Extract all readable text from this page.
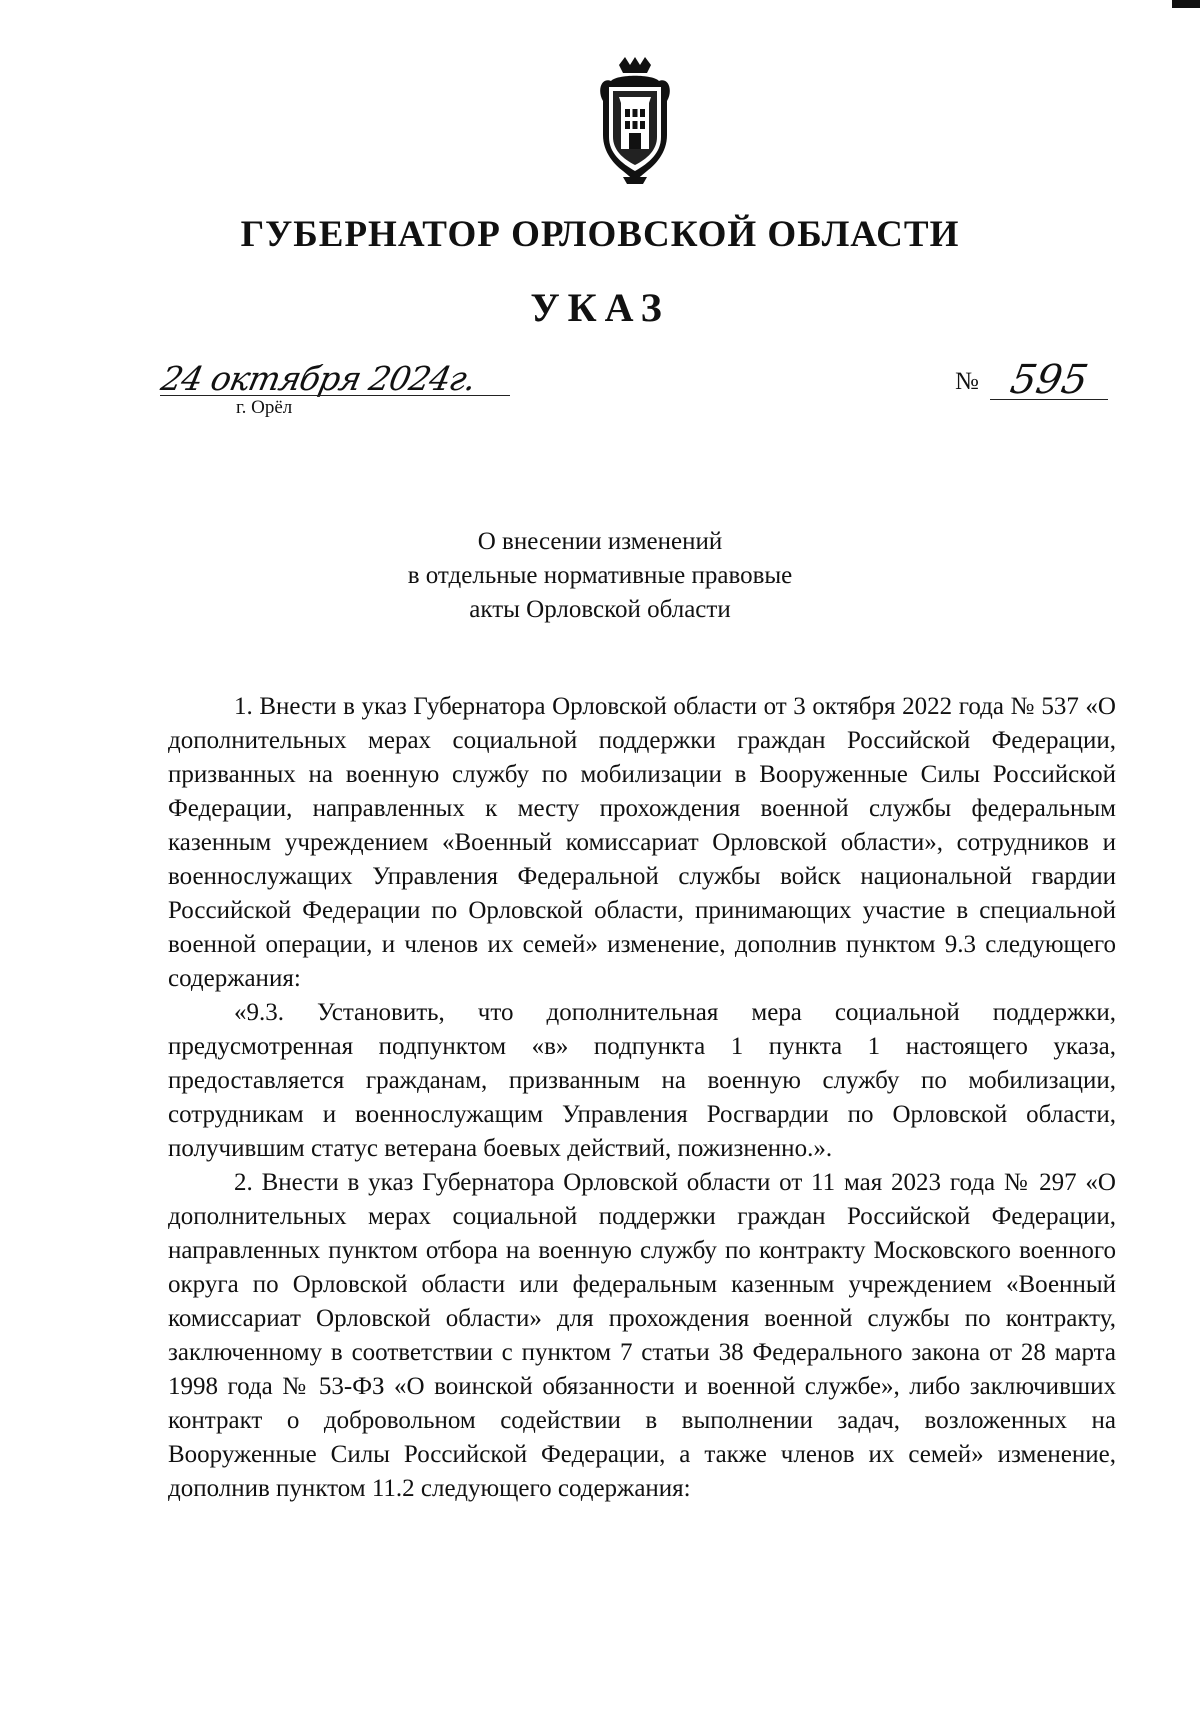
ГУБЕРНАТОР ОРЛОВСКОЙ ОБЛАСТИ
УКАЗ
24 октября 2024г.
г. Орёл
№ 595
О внесении изменений
в отдельные нормативные правовые
акты Орловской области

1. Внести в указ Губернатора Орловской области от 3 октября 2022 года № 537 «О дополнительных мерах социальной поддержки граждан Российской Федерации, призванных на военную службу по мобилизации в Вооруженные Силы Российской Федерации, направленных к месту прохождения военной службы федеральным казенным учреждением «Военный комиссариат Орловской области», сотрудников и военнослужащих Управления Федеральной службы войск национальной гвардии Российской Федерации по Орловской области, принимающих участие в специальной военной операции, и членов их семей» изменение, дополнив пунктом 9.3 следующего содержания:

«9.3. Установить, что дополнительная мера социальной поддержки, предусмотренная подпунктом «в» подпункта 1 пункта 1 настоящего указа, предоставляется гражданам, призванным на военную службу по мобилизации, сотрудникам и военнослужащим Управления Росгвардии по Орловской области, получившим статус ветерана боевых действий, пожизненно.».

2. Внести в указ Губернатора Орловской области от 11 мая 2023 года № 297 «О дополнительных мерах социальной поддержки граждан Российской Федерации, направленных пунктом отбора на военную службу по контракту Московского военного округа по Орловской области или федеральным казенным учреждением «Военный комиссариат Орловской области» для прохождения военной службы по контракту, заключенному в соответствии с пунктом 7 статьи 38 Федерального закона от 28 марта 1998 года № 53-ФЗ «О воинской обязанности и военной службе», либо заключивших контракт о добровольном содействии в выполнении задач, возложенных на Вооруженные Силы Российской Федерации, а также членов их семей» изменение, дополнив пунктом 11.2 следующего содержания:
